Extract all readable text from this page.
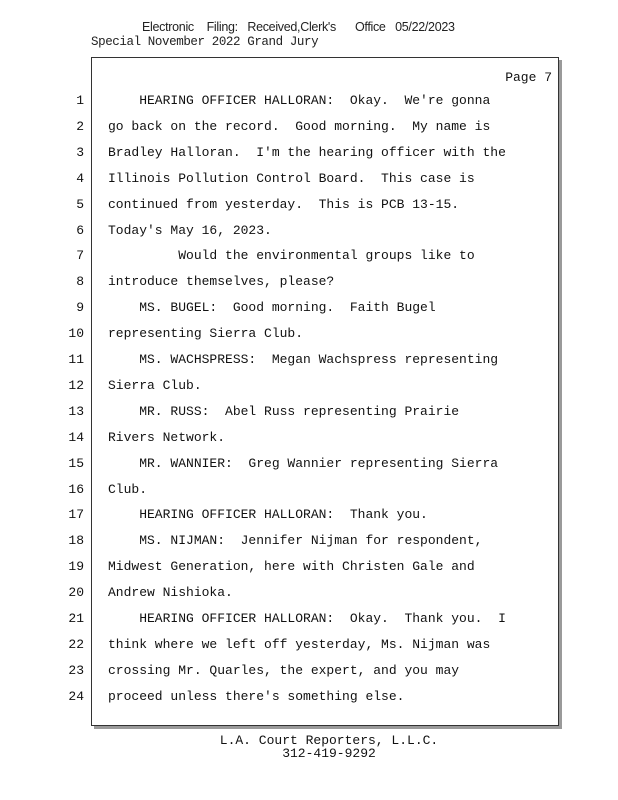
Electronic    Filing:   Received,Clerk's      Office   05/22/2023
Special November 2022 Grand Jury
Page 7
1 HEARING OFFICER HALLORAN:  Okay.  We're gonna
2 go back on the record.  Good morning.  My name is
3 Bradley Halloran.  I'm the hearing officer with the
4 Illinois Pollution Control Board.  This case is
5 continued from yesterday.  This is PCB 13-15.
6 Today's May 16, 2023.
7 Would the environmental groups like to
8 introduce themselves, please?
9 MS. BUGEL:  Good morning.  Faith Bugel
10 representing Sierra Club.
11 MS. WACHSPRESS:  Megan Wachspress representing
12 Sierra Club.
13 MR. RUSS:  Abel Russ representing Prairie
14 Rivers Network.
15 MR. WANNIER:  Greg Wannier representing Sierra
16 Club.
17 HEARING OFFICER HALLORAN:  Thank you.
18 MS. NIJMAN:  Jennifer Nijman for respondent,
19 Midwest Generation, here with Christen Gale and
20 Andrew Nishioka.
21 HEARING OFFICER HALLORAN:  Okay.  Thank you.  I
22 think where we left off yesterday, Ms. Nijman was
23 crossing Mr. Quarles, the expert, and you may
24 proceed unless there's something else.
L.A. Court Reporters, L.L.C.
312-419-9292
